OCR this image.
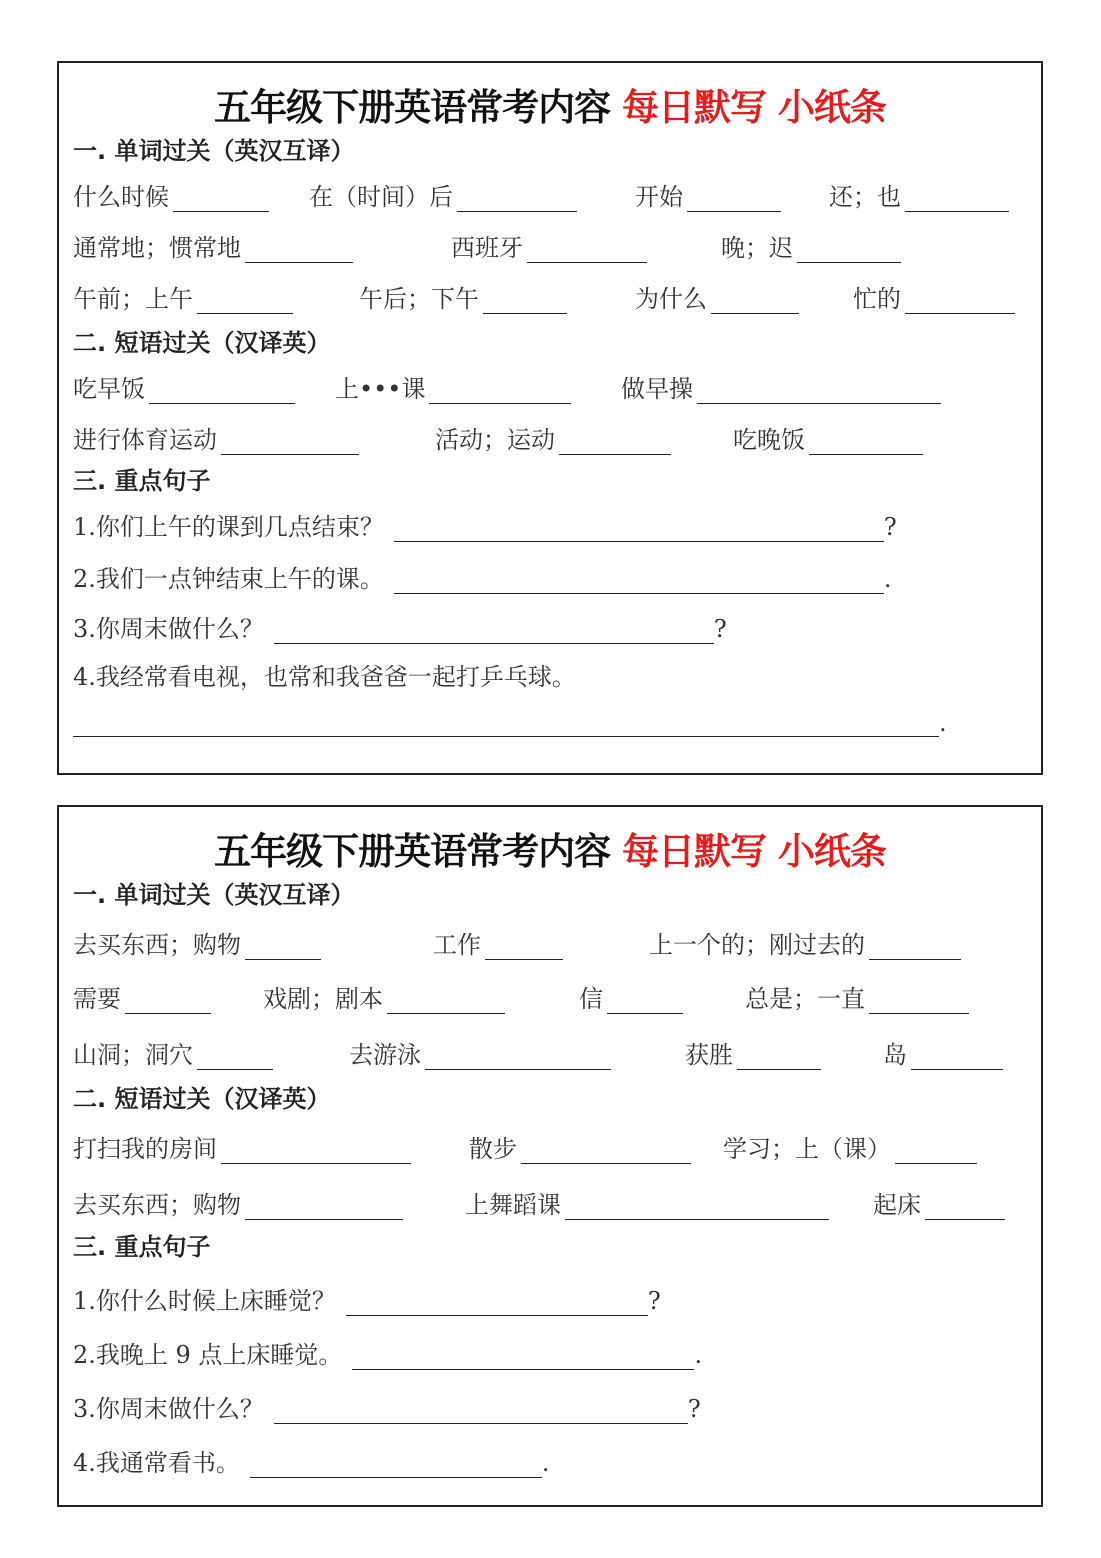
五年级下册英语常考内容 每日默写 小纸条
一. 单词过关（英汉互译）
什么时候	在（时间）后	开始	还；也
通常地；惯常地	西班牙	晚；迟
午前；上午	午后；下午	为什么	忙的
二. 短语过关（汉译英）
吃早饭	上•••课	做早操
进行体育运动	活动；运动	吃晚饭
三. 重点句子
1.你们上午的课到几点结束？	?
2.我们一点钟结束上午的课。	.
3.你周末做什么？	?
4.我经常看电视，也常和我爸爸一起打乒乓球。
.
五年级下册英语常考内容 每日默写 小纸条
一. 单词过关（英汉互译）
去买东西；购物	工作	上一个的；刚过去的
需要	戏剧；剧本	信	总是；一直
山洞；洞穴	去游泳	获胜	岛
二. 短语过关（汉译英）
打扫我的房间	散步	学习；上（课）
去买东西；购物	上舞蹈课	起床
三. 重点句子
1.你什么时候上床睡觉？	?
2.我晚上 9 点上床睡觉。	.
3.你周末做什么？	?
4.我通常看书。	.
